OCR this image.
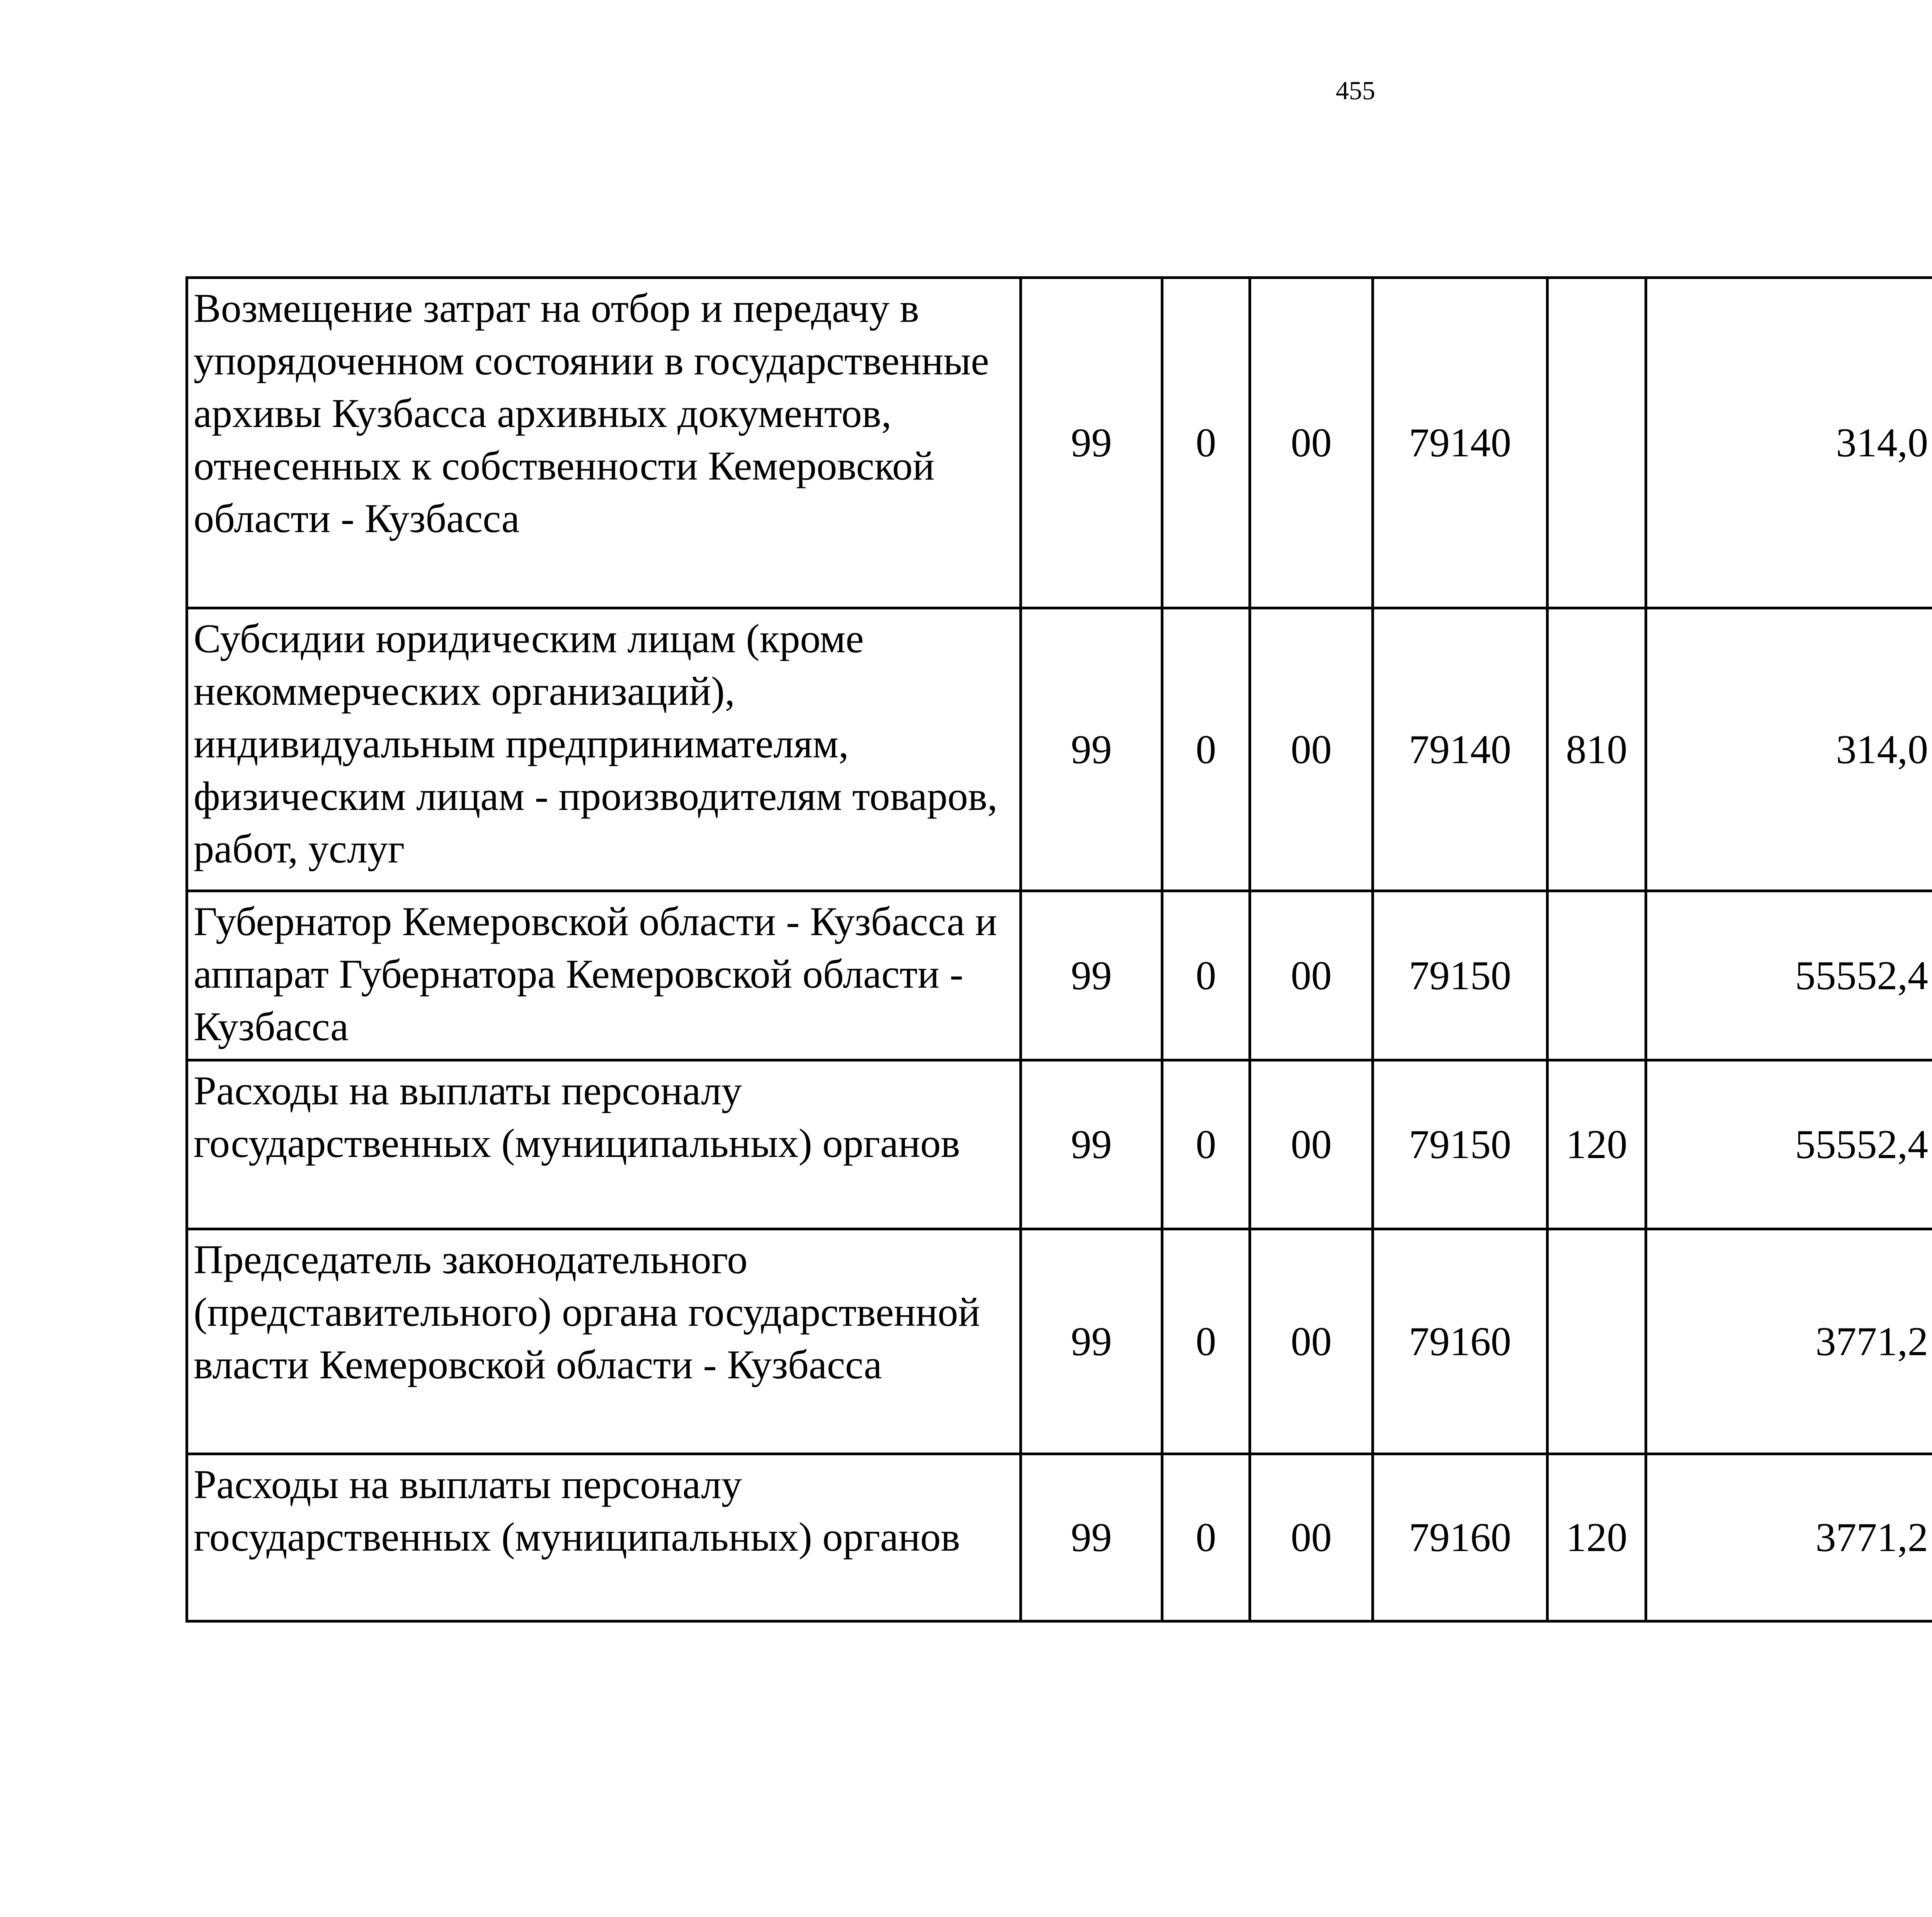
455
Возмещение затрат на отбор и передачу в упорядоченном состоянии в государственные архивы Кузбасса архивных документов, отнесенных к собственности Кемеровской области - Кузбасса	99	0	00	79140		314,0		
Субсидии юридическим лицам (кроме некоммерческих организаций), индивидуальным предпринимателям, физическим лицам - производителям товаров, работ, услуг	99	0	00	79140	810	314,0		
Губернатор Кемеровской области - Кузбасса и аппарат Губернатора Кемеровской области - Кузбасса	99	0	00	79150		55552,4		
Расходы на выплаты персоналу государственных (муниципальных) органов	99	0	00	79150	120	55552,4		
Председатель законодательного (представительного) органа государственной власти Кемеровской области - Кузбасса	99	0	00	79160		3771,2		
Расходы на выплаты персоналу государственных (муниципальных) органов	99	0	00	79160	120	3771,2		
